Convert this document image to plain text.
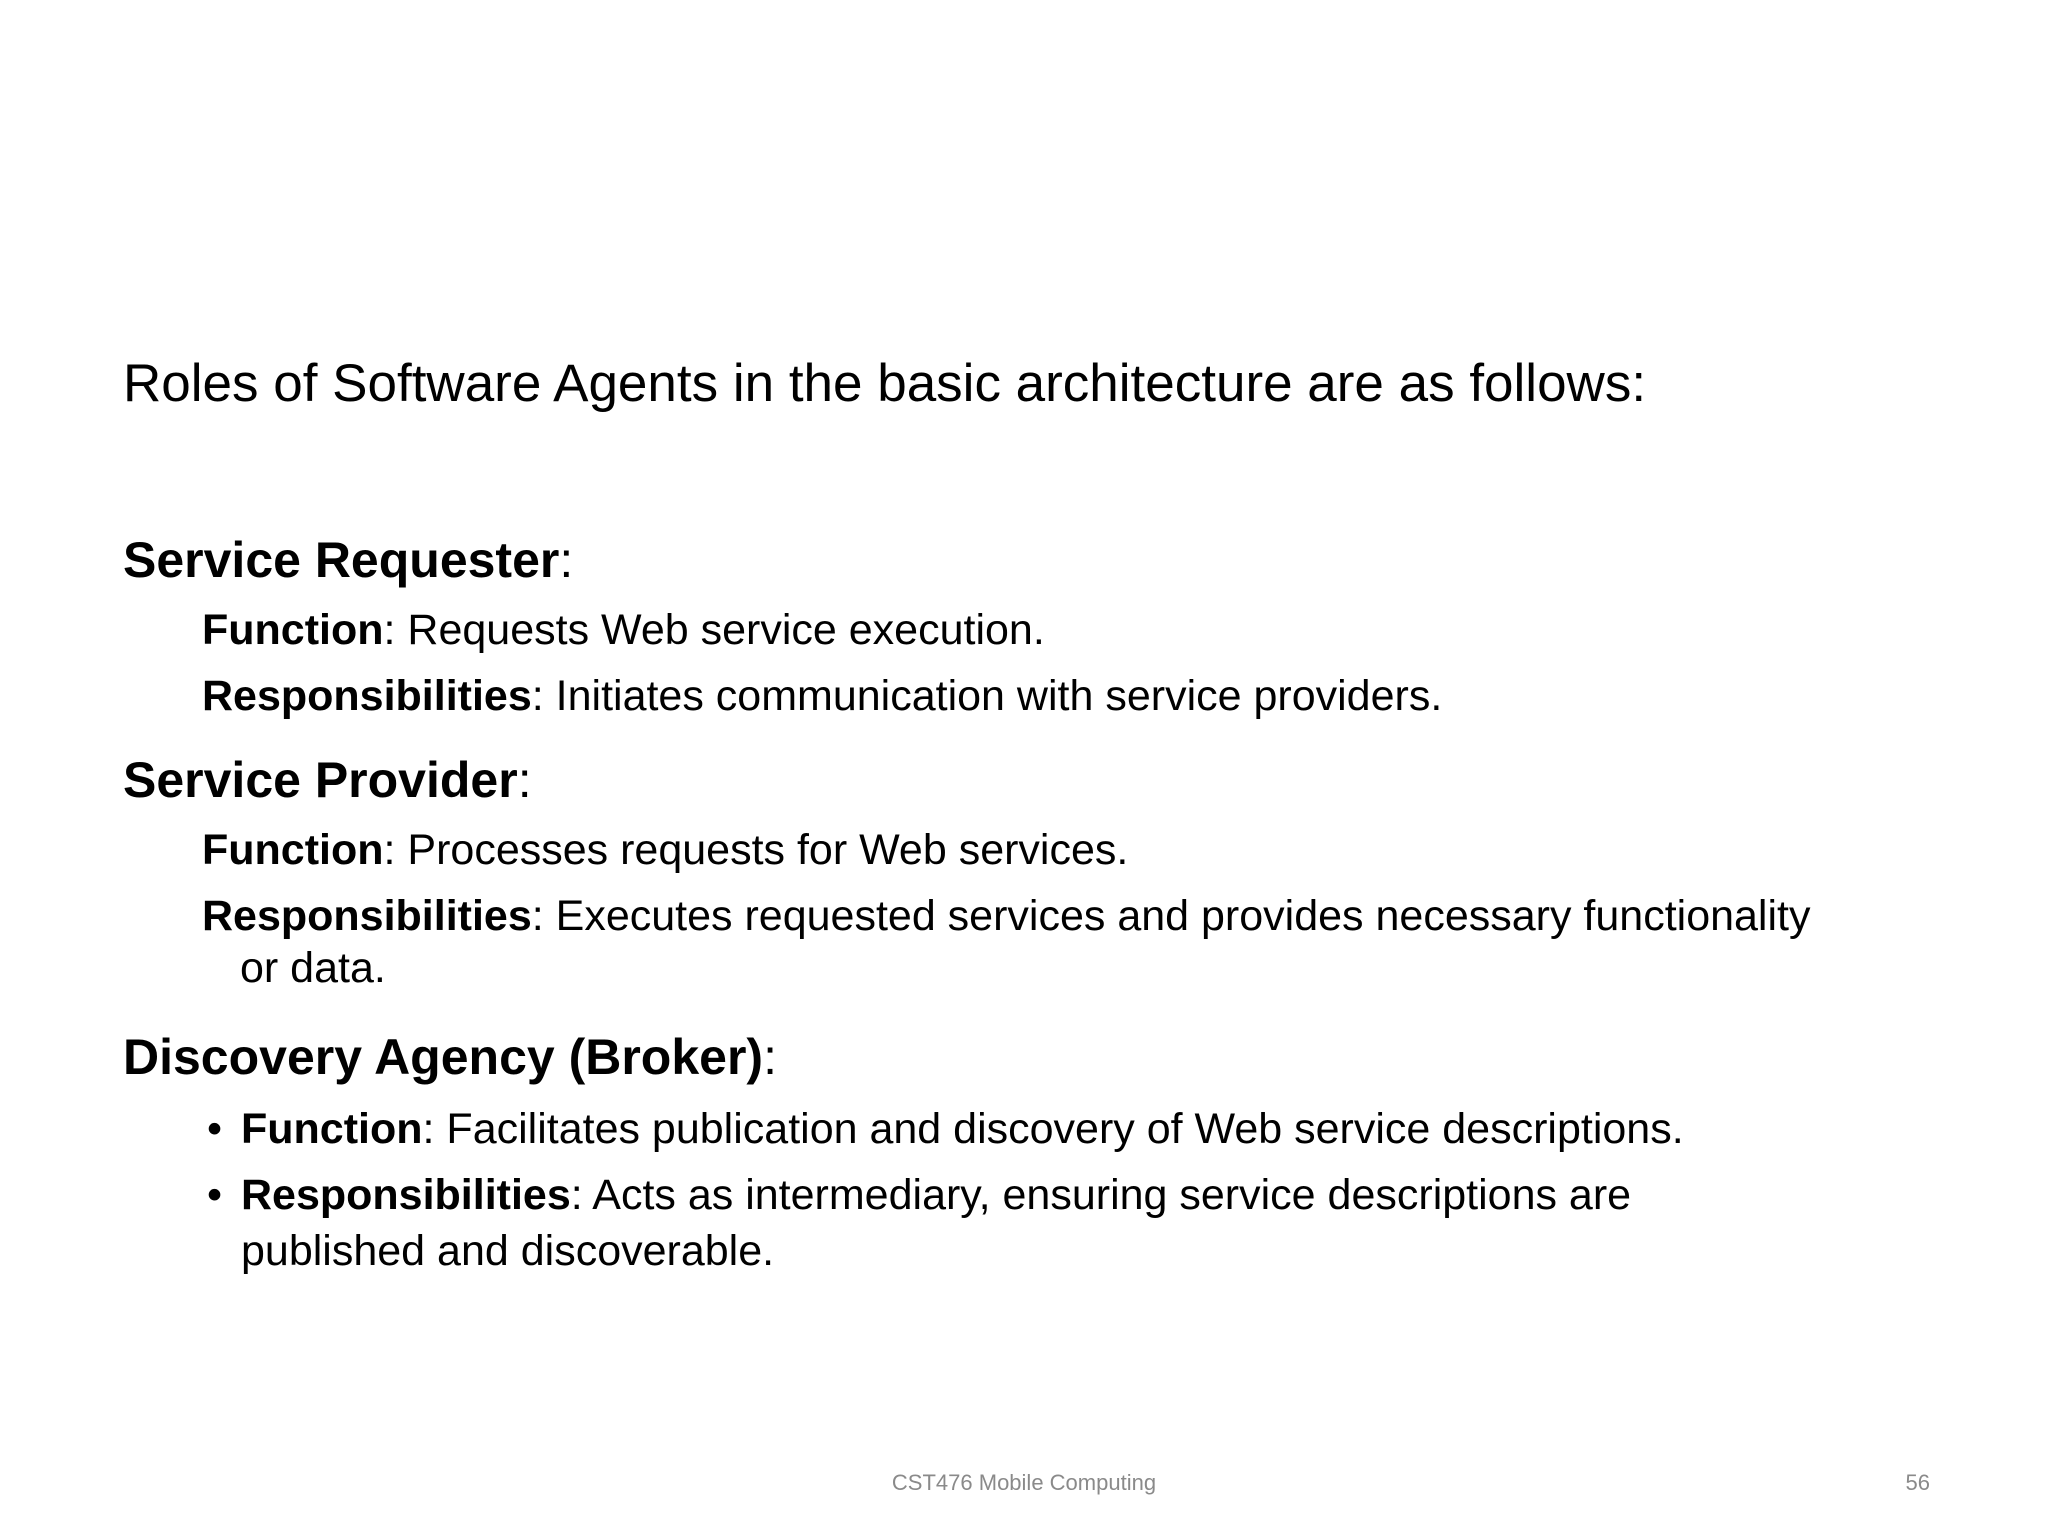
Roles of Software Agents in the basic architecture are as follows:
Service Requester:
Function: Requests Web service execution.
Responsibilities: Initiates communication with service providers.
Service Provider:
Function: Processes requests for Web services.
Responsibilities: Executes requested services and provides necessary functionality
or data.
Discovery Agency (Broker):
• Function: Facilitates publication and discovery of Web service descriptions.
• Responsibilities: Acts as intermediary, ensuring service descriptions are
published and discoverable.
CST476 Mobile Computing	56
